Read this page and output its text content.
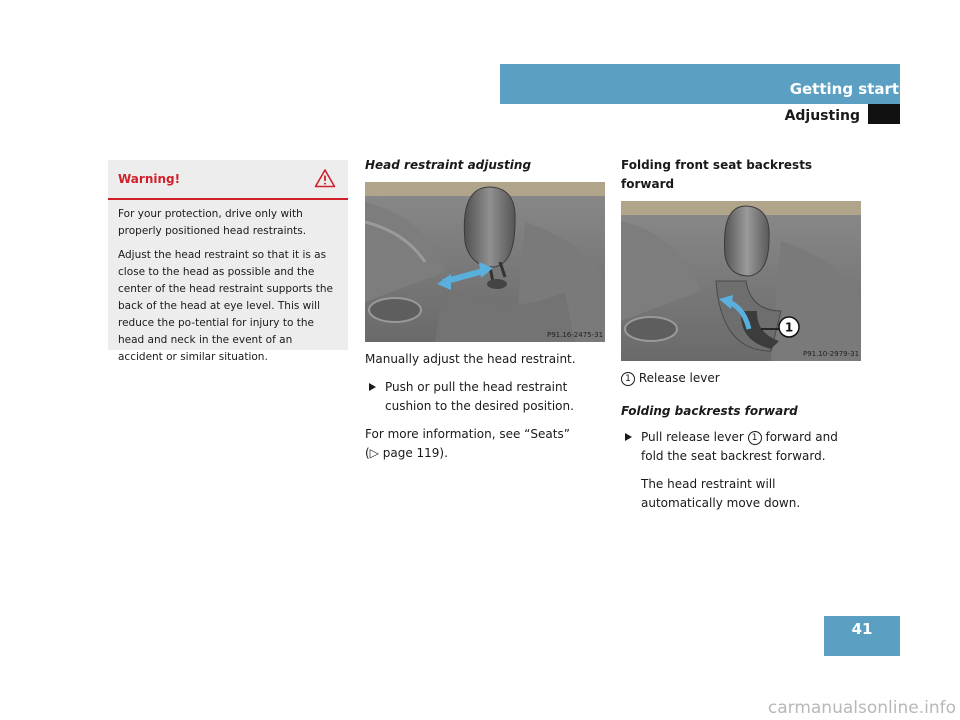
Getting started
Adjusting
Warning!

For your protection, drive only with properly positioned head restraints.

Adjust the head restraint so that it is as close to the head as possible and the center of the head restraint supports the back of the head at eye level. This will reduce the po-tential for injury to the head and neck in the event of an accident or similar situation.

Head restraint adjusting
P91.16-2475-31

Manually adjust the head restraint.

Push or pull the head restraint cushion to the desired position.

For more information, see “Seats”
(▷ page 119).

Folding front seat backrests forward
1
P91.10-2979-31

1 Release lever

Folding backrests forward

Pull release lever 1 forward and fold the seat backrest forward.

The head restraint will automatically move down.

41
carmanualsonline.info
